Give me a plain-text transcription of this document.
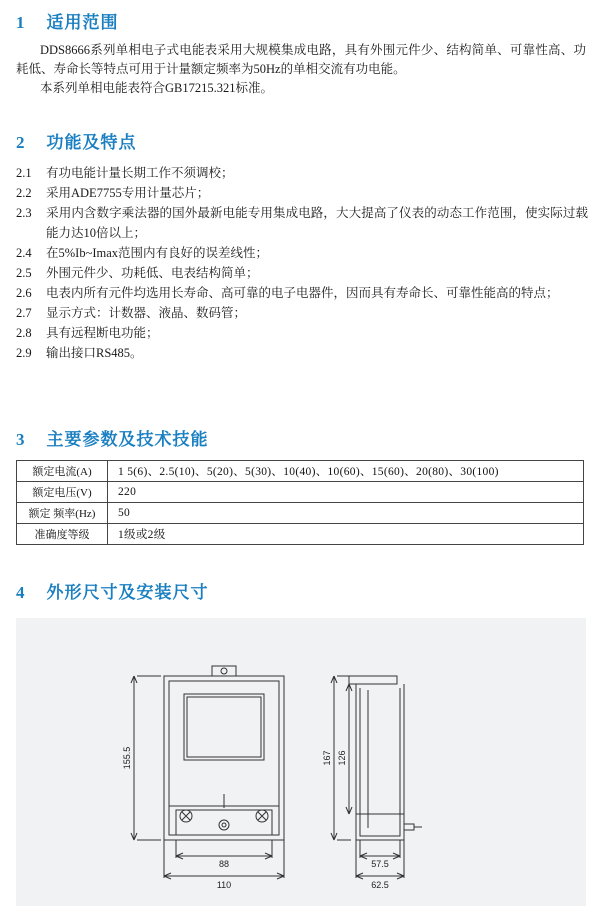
1 适用范围

DDS8666系列单相电子式电能表采用大规模集成电路，具有外围元件少、结构简单、可靠性高、功耗低、寿命长等特点可用于计量额定频率为50Hz的单相交流有功电能。

本系列单相电能表符合GB17215.321标准。

2 功能及特点

2.1 有功电能计量长期工作不须调校；

2.2 采用ADE7755专用计量芯片；

2.3 采用内含数字乘法器的国外最新电能专用集成电路，大大提高了仪表的动态工作范围，使实际过载能力达10倍以上；

2.4 在5%Ib~Imax范围内有良好的误差线性；

2.5 外围元件少、功耗低、电表结构简单；

2.6 电表内所有元件均选用长寿命、高可靠的电子电器件，因而具有寿命长、可靠性能高的特点；

2.7 显示方式：计数器、液晶、数码管；

2.8 具有远程断电功能；

2.9 输出接口RS485。

3 主要参数及技术技能
额定电流(A)	1 5(6)、2.5(10)、5(20)、5(30)、10(40)、10(60)、15(60)、20(80)、30(100)
额定电压(V)	220
额定 频率(Hz)	50
准确度等级	1级或2级
4 外形尺寸及安装尺寸
155.5
88
110
167 126
57.5
62.5
